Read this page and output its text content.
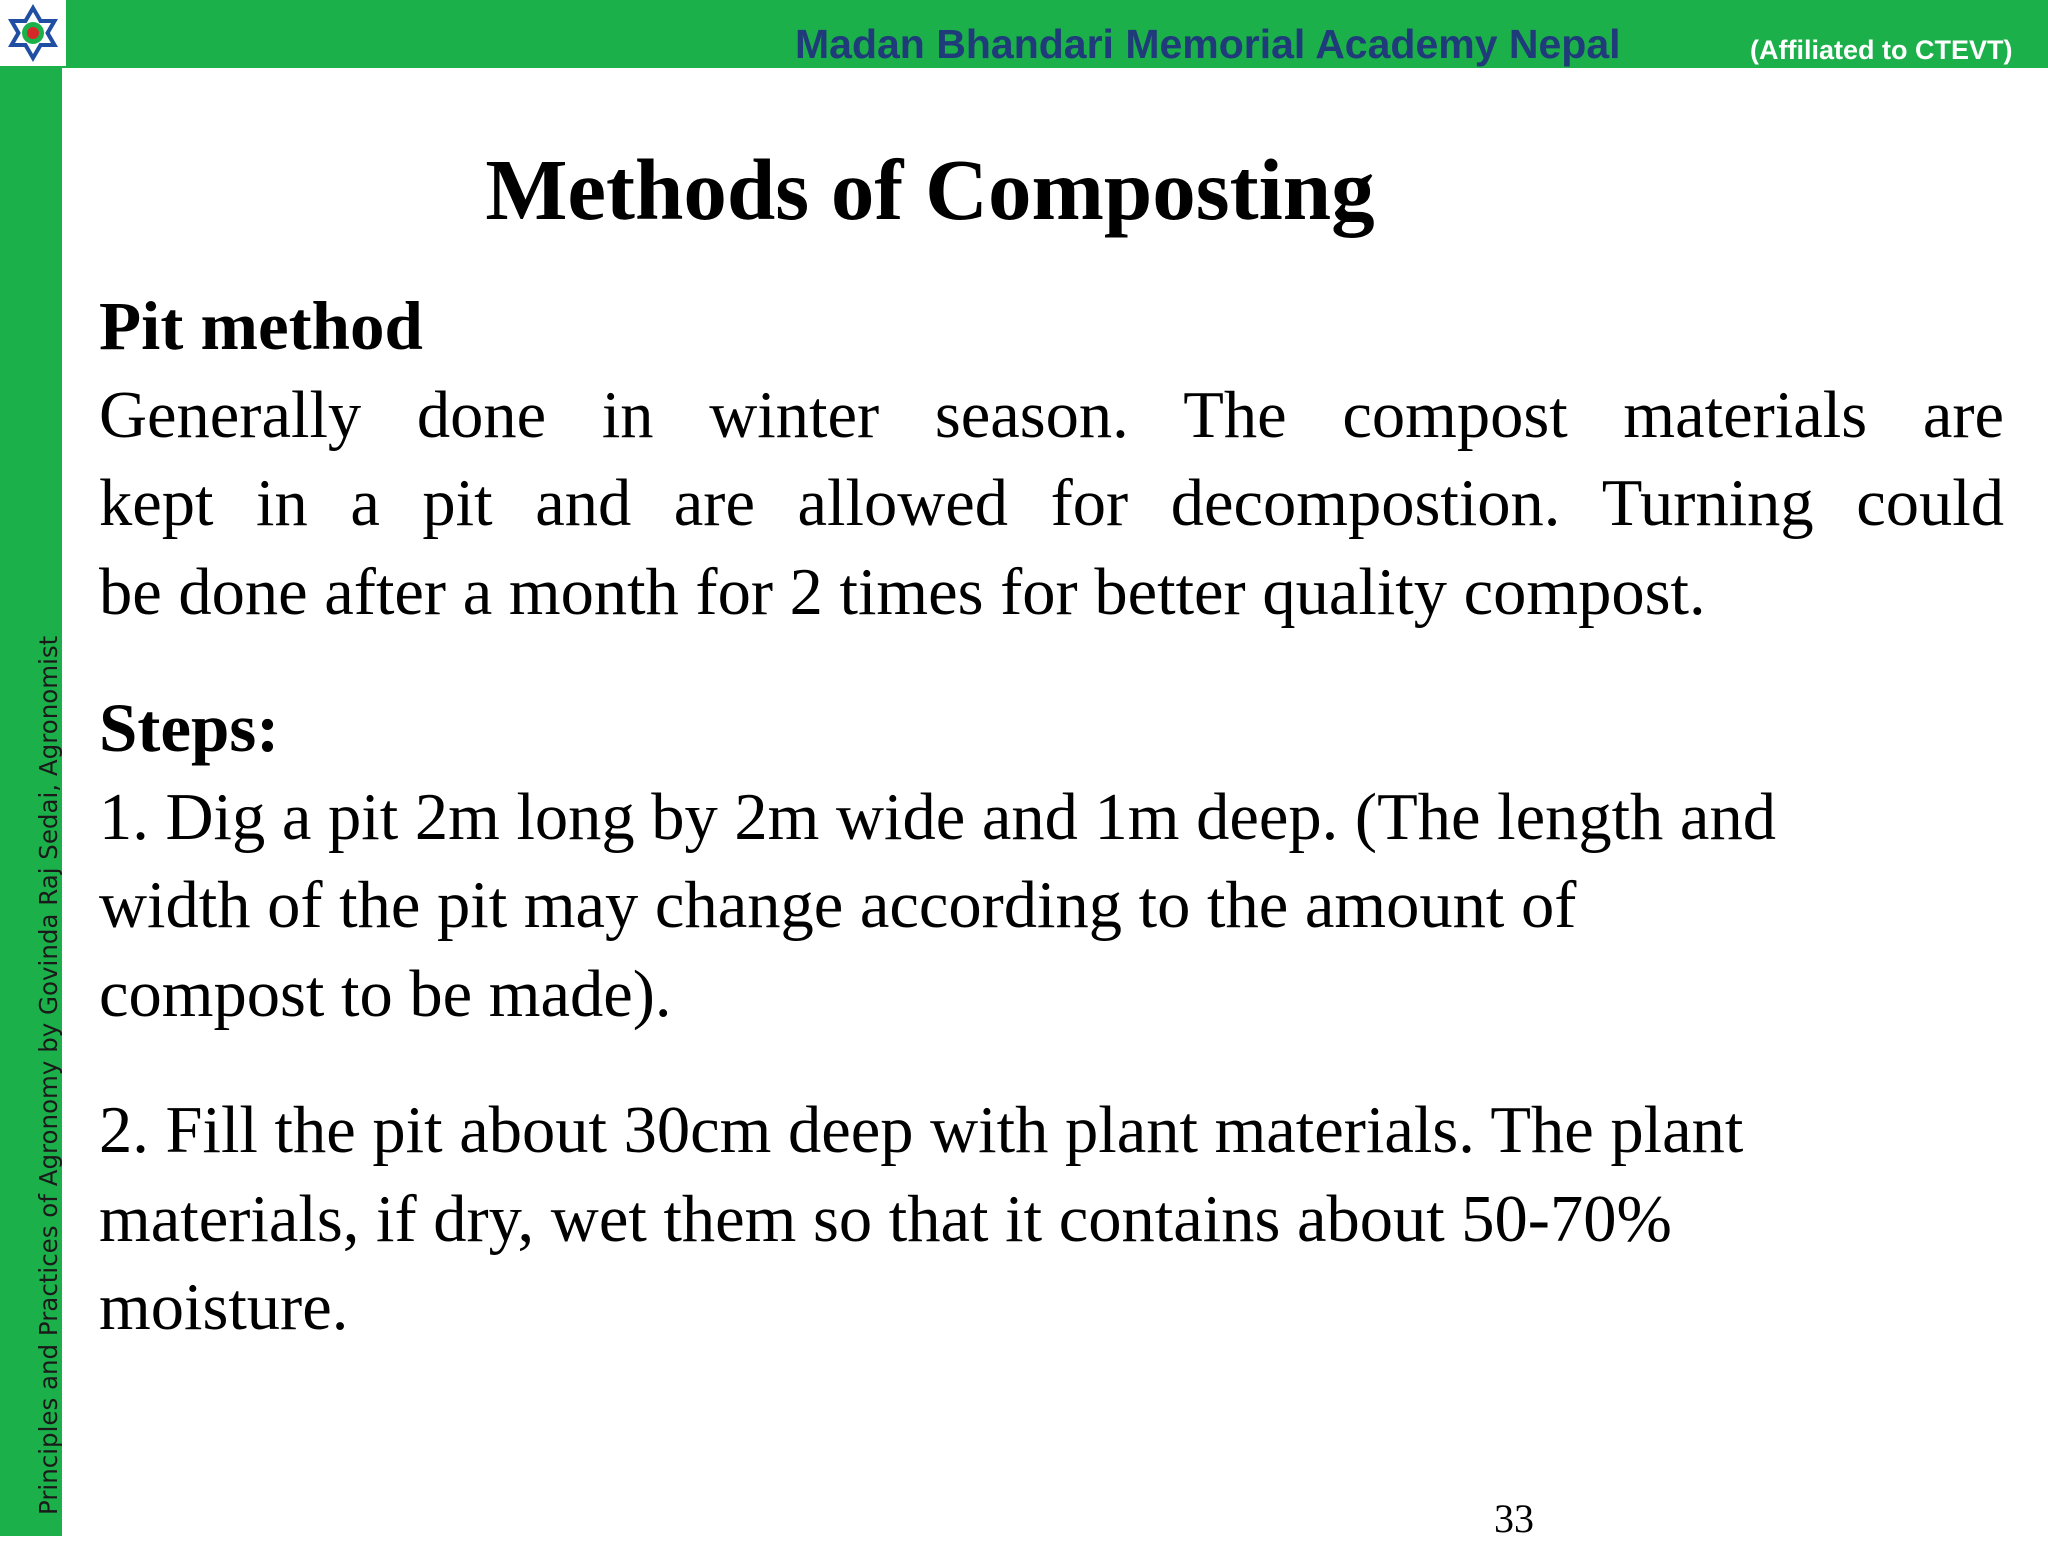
Madan Bhandari Memorial Academy Nepal	(Affiliated to CTEVT)
Principles and Practices of Agronomy by Govinda Raj Sedai, Agronomist
Methods of Composting
Pit method
Generally done in winter season. The compost materials are
kept in a pit and are allowed for decompostion. Turning could
be done after a month for 2 times for better quality compost.
Steps:
1. Dig a pit 2m long by 2m wide and 1m deep. (The length and
width of the pit may change according to the amount of
compost to be made).
2. Fill the pit about 30cm deep with plant materials. The plant
materials, if dry, wet them so that it contains about 50-70%
moisture.
33
